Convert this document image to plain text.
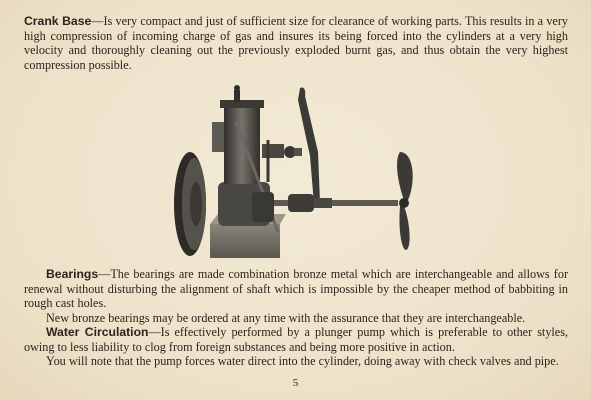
Crank Base—Is very compact and just of sufficient size for clearance of working parts. This results in a very high compression of incoming charge of gas and insures its being forced into the cylinders at a very high velocity and thoroughly cleaning out the previously exploded burnt gas, and thus obtain the very highest compression possible.

Bearings—The bearings are made combination bronze metal which are interchangeable and allows for renewal without disturbing the alignment of shaft which is impossible by the cheaper method of babbiting in rough cast holes.

New bronze bearings may be ordered at any time with the assurance that they are interchangeable.

Water Circulation—Is effectively performed by a plunger pump which is preferable to other styles, owing to less liability to clog from foreign substances and being more positive in action.

You will note that the pump forces water direct into the cylinder, doing away with check valves and pipe.

5
